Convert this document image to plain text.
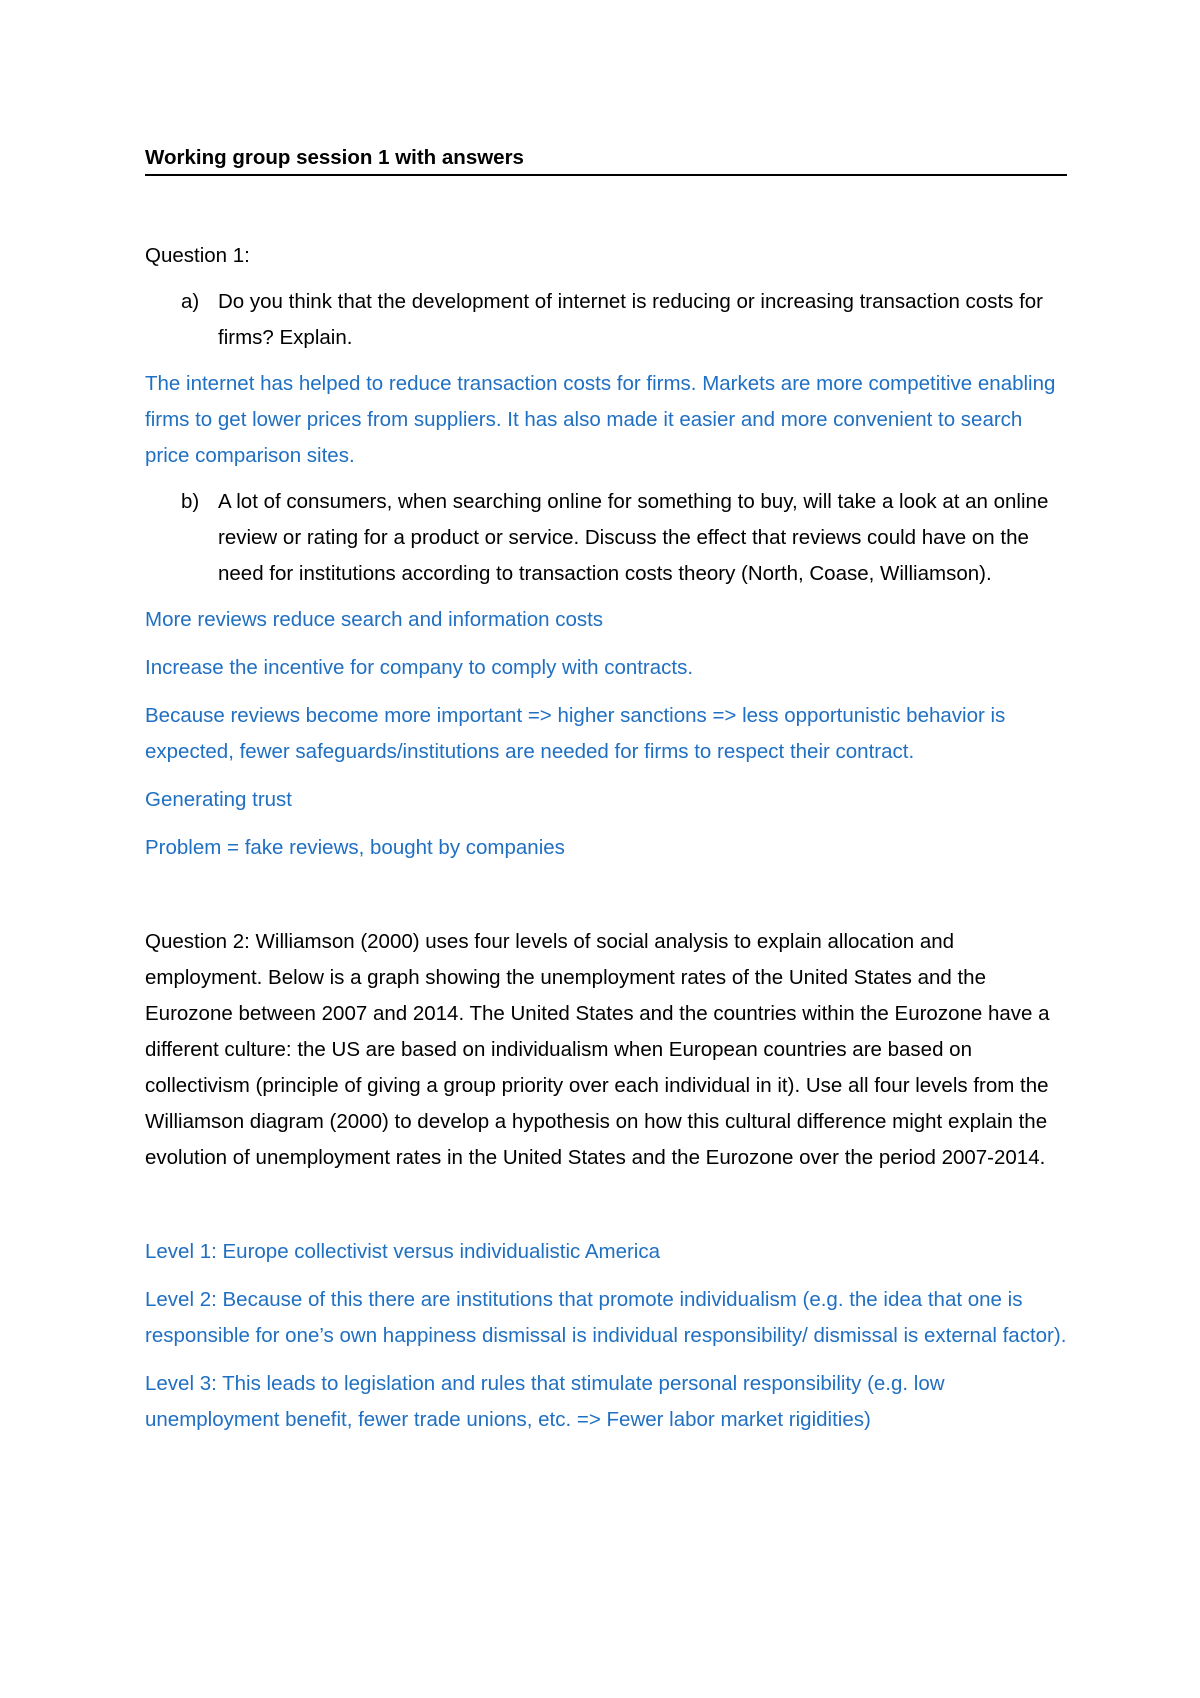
Working group session 1 with answers

Question 1:

a) Do you think that the development of internet is reducing or increasing transaction costs for firms? Explain.

The internet has helped to reduce transaction costs for firms. Markets are more competitive enabling firms to get lower prices from suppliers. It has also made it easier and more convenient to search price comparison sites.

b) A lot of consumers, when searching online for something to buy, will take a look at an online review or rating for a product or service. Discuss the effect that reviews could have on the need for institutions according to transaction costs theory (North, Coase, Williamson).

More reviews reduce search and information costs

Increase the incentive for company to comply with contracts.

Because reviews become more important => higher sanctions => less opportunistic behavior is expected, fewer safeguards/institutions are needed for firms to respect their contract.

Generating trust

Problem = fake reviews, bought by companies

Question 2: Williamson (2000) uses four levels of social analysis to explain allocation and employment. Below is a graph showing the unemployment rates of the United States and the Eurozone between 2007 and 2014. The United States and the countries within the Eurozone have a different culture: the US are based on individualism when European countries are based on collectivism (principle of giving a group priority over each individual in it). Use all four levels from the Williamson diagram (2000) to develop a hypothesis on how this cultural difference might explain the evolution of unemployment rates in the United States and the Eurozone over the period 2007-2014.

Level 1: Europe collectivist versus individualistic America

Level 2: Because of this there are institutions that promote individualism (e.g. the idea that one is responsible for one’s own happiness dismissal is individual responsibility/ dismissal is external factor).

Level 3: This leads to legislation and rules that stimulate personal responsibility (e.g. low unemployment benefit, fewer trade unions, etc. => Fewer labor market rigidities)
